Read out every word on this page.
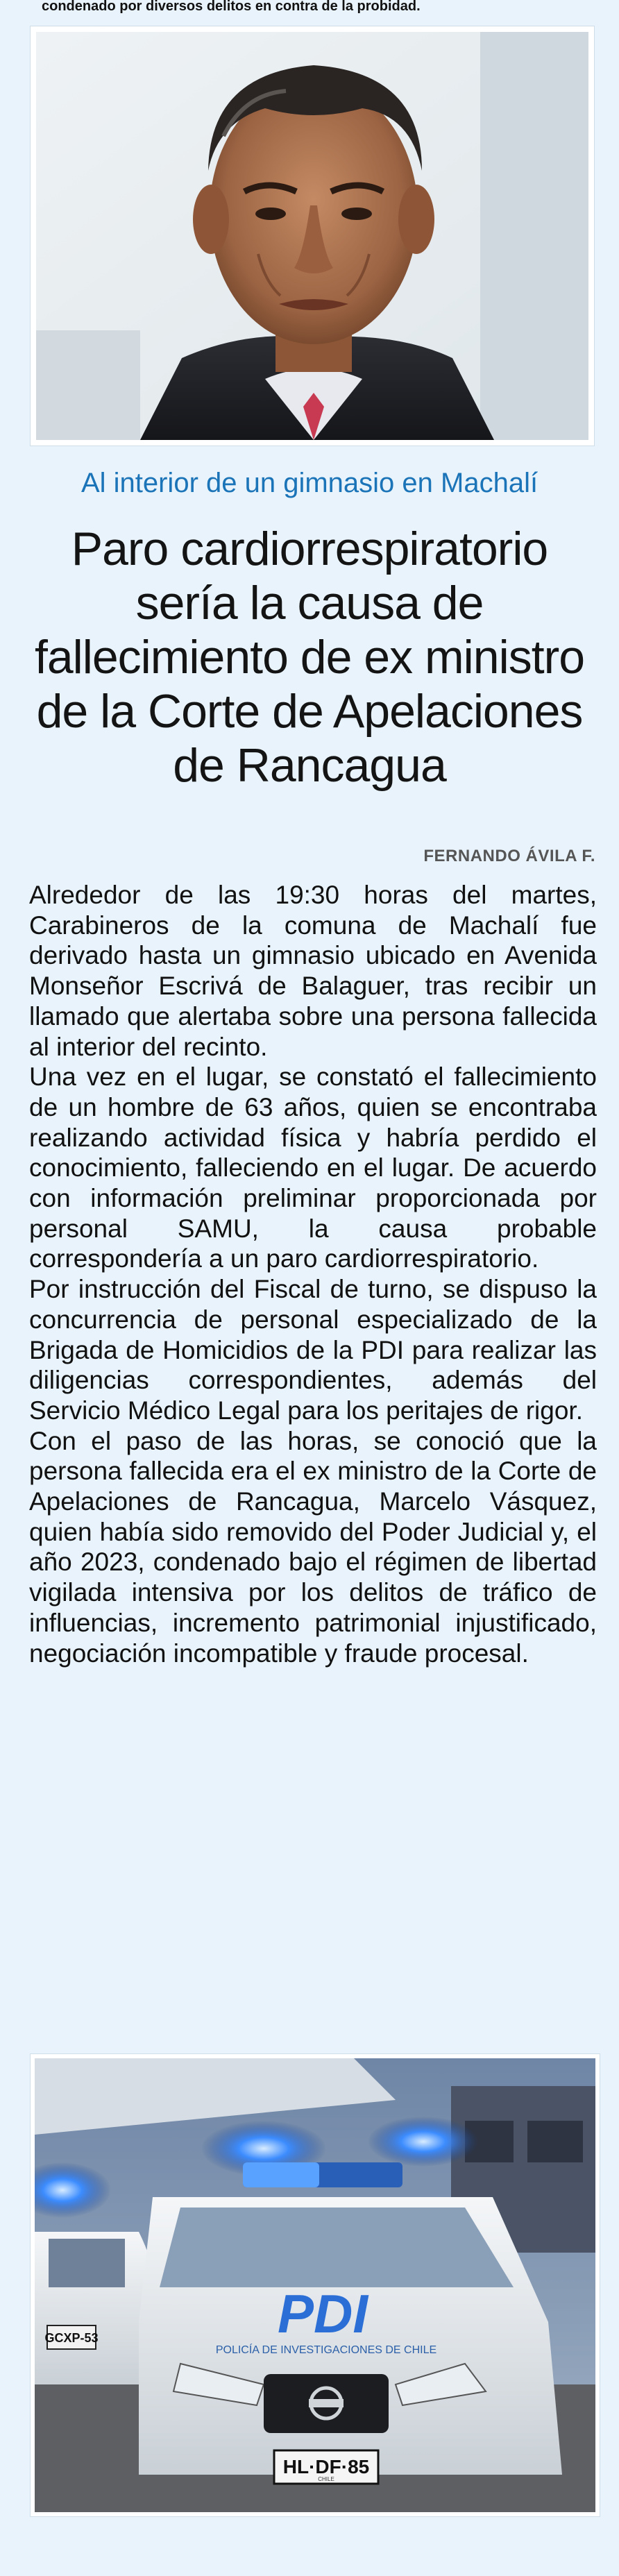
condenado por diversos delitos en contra de la probidad.
Al interior de un gimnasio en Machalí
Paro cardiorrespiratorio sería la causa de fallecimiento de ex ministro de la Corte de Apelaciones de Rancagua
FERNANDO ÁVILA F.

Alrededor de las 19:30 horas del martes, Carabineros de la comuna de Machalí fue derivado hasta un gimnasio ubicado en Avenida Monseñor Escrivá de Balaguer, tras recibir un llamado que alertaba sobre una persona fallecida al interior del recinto.

Una vez en el lugar, se constató el fallecimiento de un hombre de 63 años, quien se encontraba realizando actividad física y habría perdido el conocimiento, falleciendo en el lugar. De acuerdo con información preliminar proporcionada por personal SAMU, la causa probable correspondería a un paro cardiorrespiratorio.

Por instrucción del Fiscal de turno, se dispuso la concurrencia de personal especializado de la Brigada de Homicidios de la PDI para realizar las diligencias correspondientes, además del Servicio Médico Legal para los peritajes de rigor.

Con el paso de las horas, se conoció que la persona fallecida era el ex ministro de la Corte de Apelaciones de Rancagua, Marcelo Vásquez, quien había sido removido del Poder Judicial y, el año 2023, condenado bajo el régimen de libertad vigilada intensiva por los delitos de tráfico de influencias, incremento patrimonial injustificado, negociación incompatible y fraude procesal.

GCXP-53	PDI
POLICÍA DE INVESTIGACIONES DE CHILE
HL·DF·85
CHILE
